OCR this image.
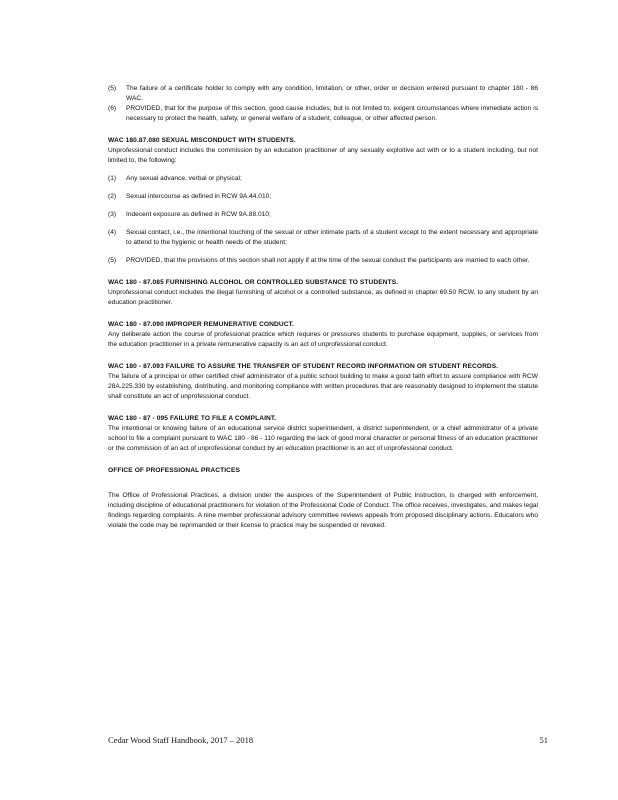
(5)	The failure of a certificate holder to comply with any condition, limitation, or other, order or decision entered pursuant to chapter 180 - 86 WAC.
(6)	PROVIDED, that for the purpose of this section, good cause includes, but is not limited to, exigent circumstances where immediate action is necessary to protect the health, safety, or general welfare of a student, colleague, or other affected person.
WAC 180.87.080 SEXUAL MISCONDUCT WITH STUDENTS.

Unprofessional conduct includes the commission by an education practitioner of any sexually exploitive act with or to a student including, but not limited to, the following:

(1)	Any sexual advance, verbal or physical;
(2)	Sexual intercourse as defined in RCW 9A.44.010;
(3)	Indecent exposure as defined in RCW 9A.88.010;
(4)	Sexual contact, i.e., the intentional touching of the sexual or other intimate parts of a student except to the extent necessary and appropriate to attend to the hygienic or health needs of the student;
(5)	PROVIDED, that the provisions of this section shall not apply if at the time of the sexual conduct the participants are married to each other.
WAC 180 - 87.085 FURNISHING ALCOHOL OR CONTROLLED SUBSTANCE TO STUDENTS.

Unprofessional conduct includes the illegal furnishing of alcohol or a controlled substance, as defined in chapter 69.50 RCW, to any student by an education practitioner.

WAC 180 - 87.090 IMPROPER REMUNERATIVE CONDUCT.

Any deliberate action the course of professional practice which requires or pressures students to purchase equipment, supplies, or services from the education practitioner in a private remunerative capacity is an act of unprofessional conduct.

WAC 180 - 87.093 FAILURE TO ASSURE THE TRANSFER OF STUDENT RECORD INFORMATION OR STUDENT RECORDS.

The failure of a principal or other certified chief administrator of a public school building to make a good faith effort to assure compliance with RCW 28A.225.330 by establishing, distributing, and monitoring compliance with written procedures that are reasonably designed to implement the statute shall constitute an act of unprofessional conduct.

WAC 180 - 87 - 095 FAILURE TO FILE A COMPLAINT.

The intentional or knowing failure of an educational service district superintendent, a district superintendent, or a chief administrator of a private school to file a complaint pursuant to WAC 180 - 86 - 110 regarding the lack of good moral character or personal fitness of an education practitioner or the commission of an act of unprofessional conduct by an education practitioner is an act of unprofessional conduct.

OFFICE OF PROFESSIONAL PRACTICES

The Office of Professional Practices, a division under the auspices of the Superintendent of Public Instruction, is charged with enforcement, including discipline of educational practitioners for violation of the Professional Code of Conduct. The office receives, investigates, and makes legal findings regarding complaints. A nine member professional advisory committee reviews appeals from proposed disciplinary actions. Educators who violate the code may be reprimanded or their license to practice may be suspended or revoked.

Cedar Wood Staff Handbook, 2017 – 2018	51
